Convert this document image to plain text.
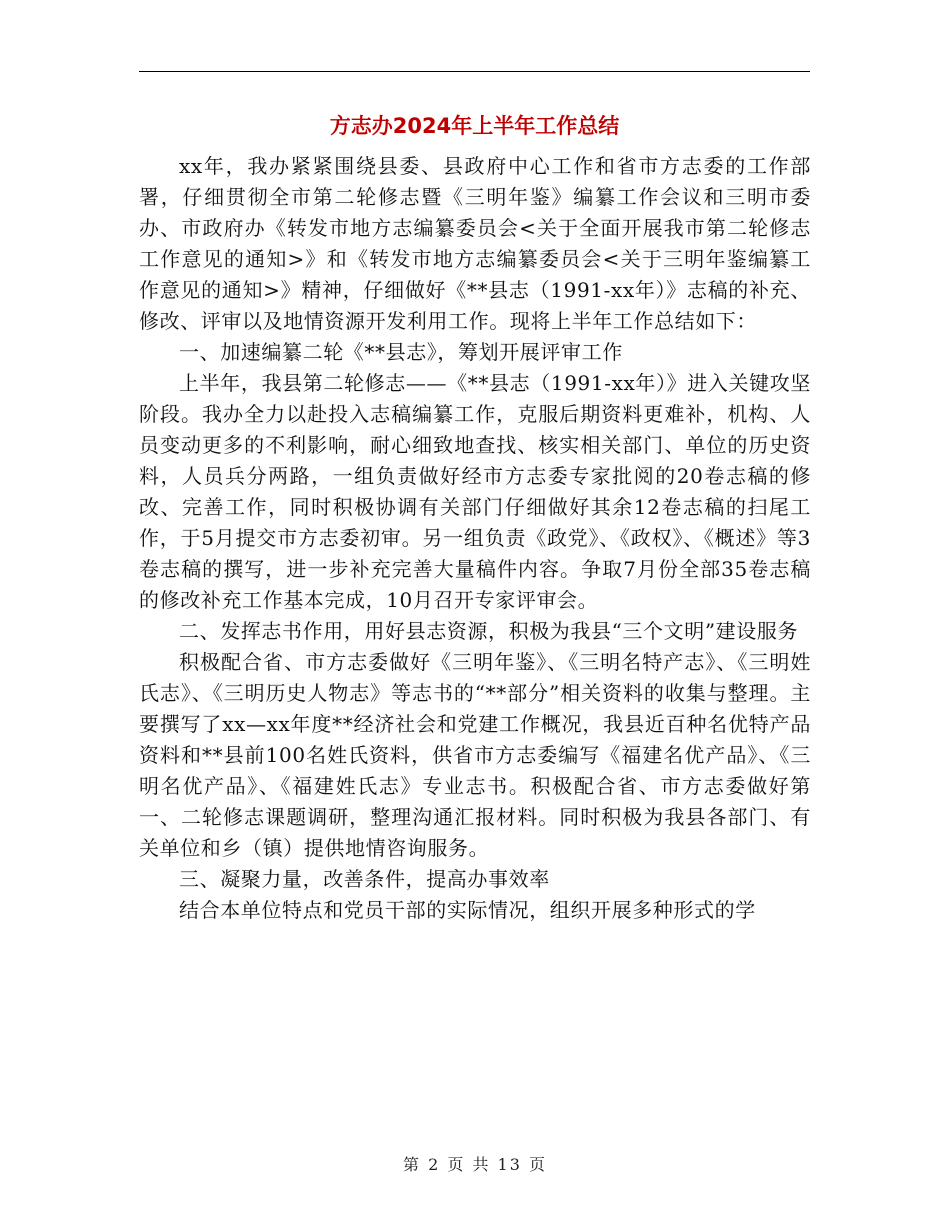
方志办2024年上半年工作总结

xx年，我办紧紧围绕县委、县政府中心工作和省市方志委的工作部署，仔细贯彻全市第二轮修志暨《三明年鉴》编纂工作会议和三明市委办、市政府办《转发市地方志编纂委员会<关于全面开展我市第二轮修志工作意见的通知>》和《转发市地方志编纂委员会<关于三明年鉴编纂工作意见的通知>》精神，仔细做好《**县志（1991-xx年）》志稿的补充、修改、评审以及地情资源开发利用工作。现将上半年工作总结如下：

一、加速编纂二轮《**县志》，筹划开展评审工作

上半年，我县第二轮修志——《**县志（1991-xx年）》进入关键攻坚阶段。我办全力以赴投入志稿编纂工作，克服后期资料更难补，机构、人员变动更多的不利影响，耐心细致地查找、核实相关部门、单位的历史资料，人员兵分两路，一组负责做好经市方志委专家批阅的20卷志稿的修改、完善工作，同时积极协调有关部门仔细做好其余12卷志稿的扫尾工作，于5月提交市方志委初审。另一组负责《政党》、《政权》、《概述》等3卷志稿的撰写，进一步补充完善大量稿件内容。争取7月份全部35卷志稿的修改补充工作基本完成，10月召开专家评审会。

二、发挥志书作用，用好县志资源，积极为我县“三个文明”建设服务

积极配合省、市方志委做好《三明年鉴》、《三明名特产志》、《三明姓氏志》、《三明历史人物志》等志书的“**部分”相关资料的收集与整理。主要撰写了xx—xx年度**经济社会和党建工作概况，我县近百种名优特产品资料和**县前100名姓氏资料，供省市方志委编写《福建名优产品》、《三明名优产品》、《福建姓氏志》专业志书。积极配合省、市方志委做好第一、二轮修志课题调研，整理沟通汇报材料。同时积极为我县各部门、有关单位和乡（镇）提供地情咨询服务。

三、凝聚力量，改善条件，提高办事效率

结合本单位特点和党员干部的实际情况，组织开展多种形式的学

第 2 页 共 13 页
